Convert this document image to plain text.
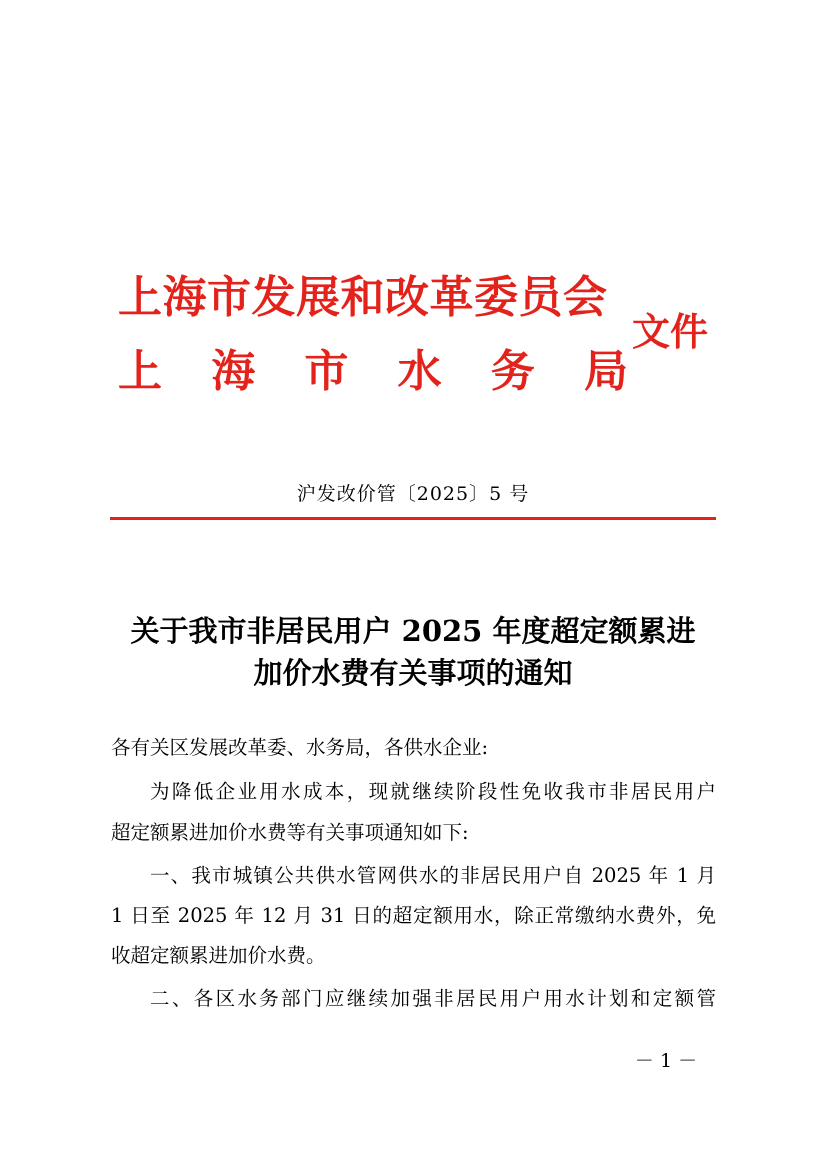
上海市发展和改革委员会
上 海 市 水 务 局
文件
沪发改价管〔2025〕5 号
关于我市非居民用户 2025 年度超定额累进
加价水费有关事项的通知
各有关区发展改革委、水务局，各供水企业:
为降低企业用水成本，现就继续阶段性免收我市非居民用户
超定额累进加价水费等有关事项通知如下:
一、我市城镇公共供水管网供水的非居民用户自 2025 年 1 月
1 日至 2025 年 12 月 31 日的超定额用水，除正常缴纳水费外，免
收超定额累进加价水费。
二、各区水务部门应继续加强非居民用户用水计划和定额管
－ 1 －
